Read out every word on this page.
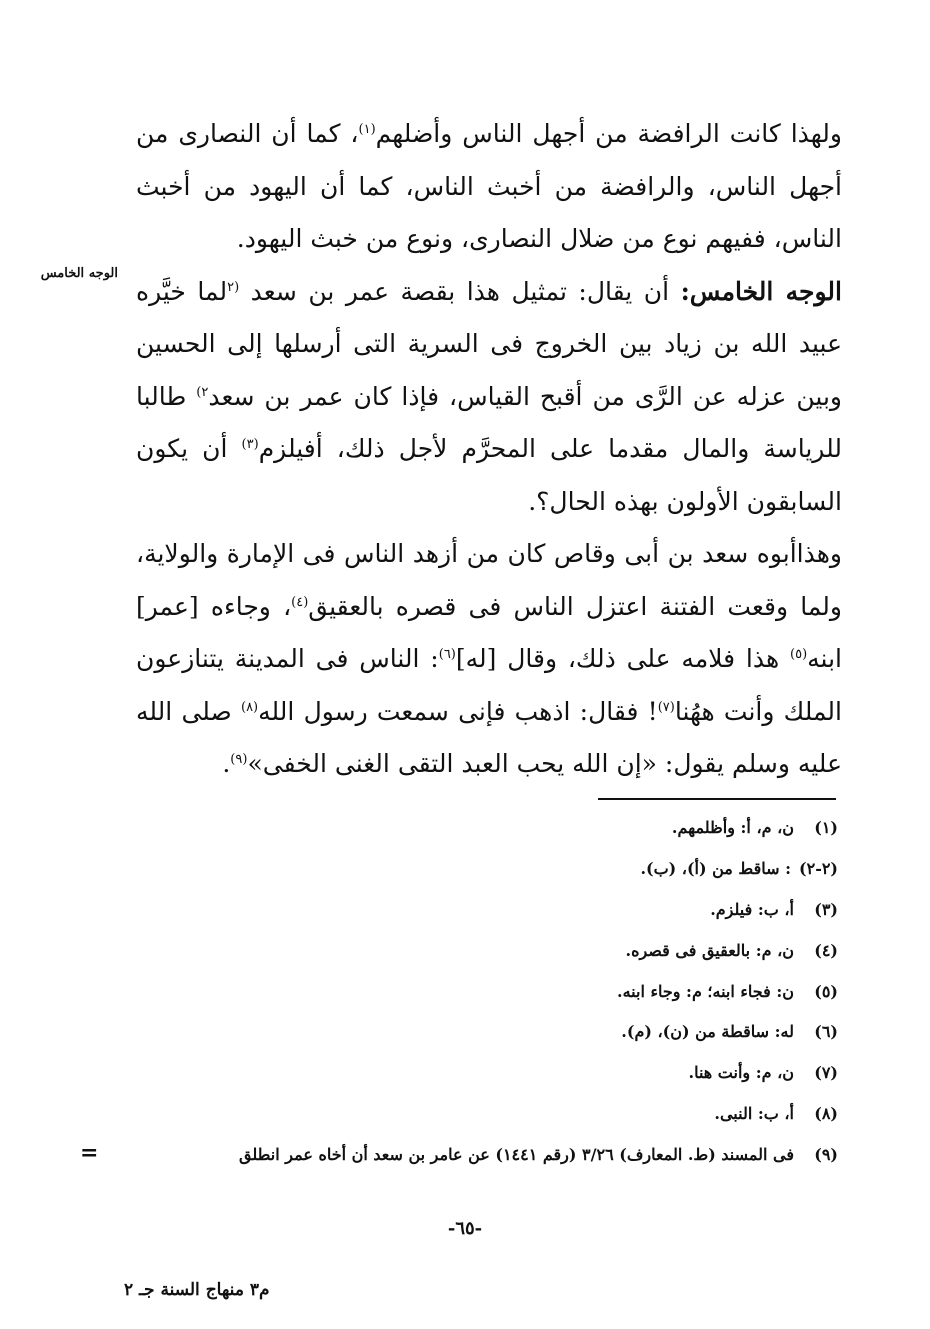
ولهذا كانت الرافضة من أجهل الناس وأضلهم$^{(١)}$، كما أن النصارى من أجهل الناس، والرافضة من أخبث الناس، كما أن اليهود من أخبث الناس، ففيهم نوع من ضلال النصارى، ونوع من خبث اليهود.

الوجه الخامس: أن يقال: تمثيل هذا بقصة عمر بن سعد $^{(٢}$لما خيَّره عبيد الله بن زياد بين الخروج فى السرية التى أرسلها إلى الحسين وبين عزله عن الرَّى من أقبح القياس، فإذا كان عمر بن سعد$^{٢)}$ طالبا للرياسة والمال مقدما على المحرَّم لأجل ذلك، أفيلزم$^{(٣)}$ أن يكون السابقون الأولون بهذه الحال؟.

وهذاأبوه سعد بن أبى وقاص كان من أزهد الناس فى الإمارة والولاية، ولما وقعت الفتنة اعتزل الناس فى قصره بالعقيق$^{(٤)}$، وجاءه [عمر] ابنه$^{(٥)}$ هذا فلامه على ذلك، وقال [له]$^{(٦)}$: الناس فى المدينة يتنازعون الملك وأنت ههُنا$^{(٧)}$! فقال: اذهب فإنى سمعت رسول الله$^{(٨)}$ صلى الله عليه وسلم يقول: «إن الله يحب العبد التقى الغنى الخفى»$^{(٩)}$.

الوجه الخامس
(١)ن، م، أ: وأظلمهم.
(٢-٢): ساقط من (أ)، (ب).
(٣)أ، ب: فيلزم.
(٤)ن، م: بالعقيق فى قصره.
(٥)ن: فجاء ابنه؛ م: وجاء ابنه.
(٦)له: ساقطة من (ن)، (م).
(٧)ن، م: وأنت هنا.
(٨)أ، ب: النبى.
(٩)فى المسند (ط. المعارف) ٣/٢٦ (رقم ١٤٤١) عن عامر بن سعد أن أخاه عمر انطلق
=
-٦٥-
م٣ منهاج السنة جـ ٢
